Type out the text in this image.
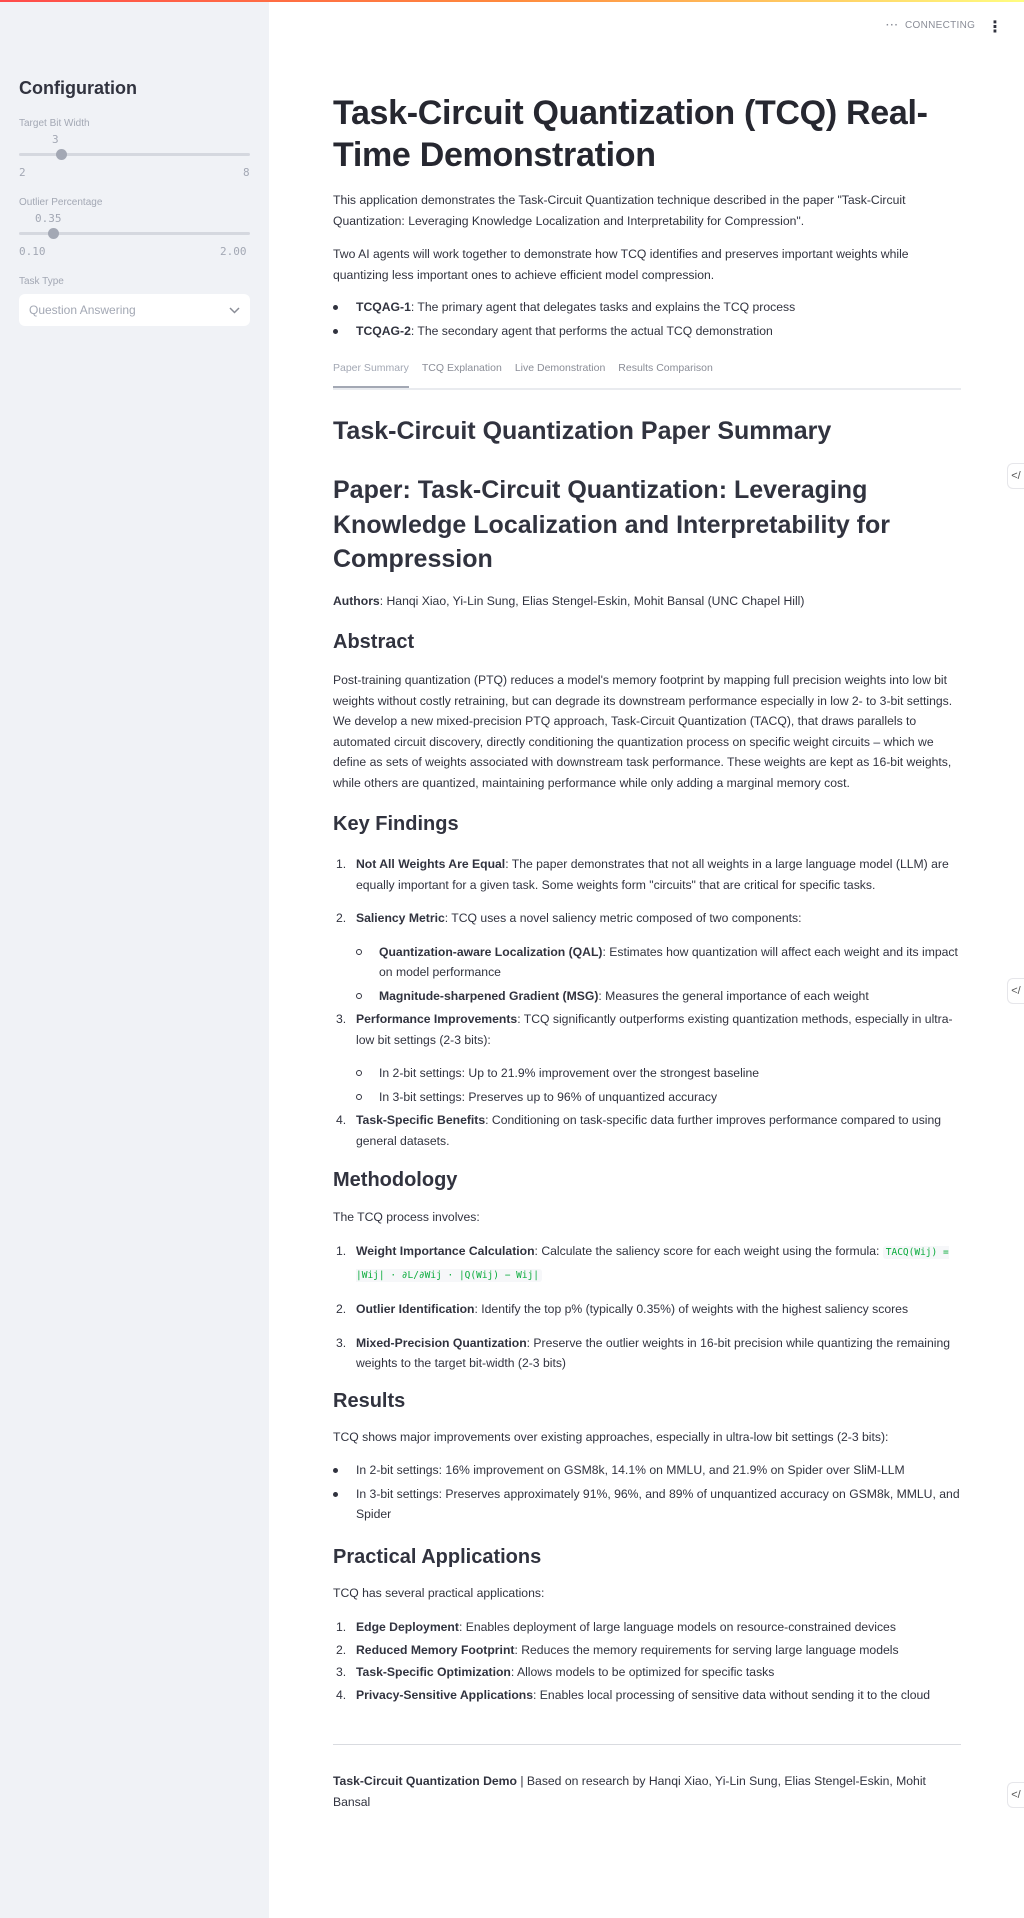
Configuration
Target Bit Width
3
2	8
Outlier Percentage
0.35
0.10	2.00
Task Type
Question Answering
··· CONNECTING ⋮
</
</
</
Task-Circuit Quantization (TCQ) Real-Time Demonstration

This application demonstrates the Task-Circuit Quantization technique described in the paper "Task-Circuit Quantization: Leveraging Knowledge Localization and Interpretability for Compression".

Two AI agents will work together to demonstrate how TCQ identifies and preserves important weights while quantizing less important ones to achieve efficient model compression.

TCQAG-1: The primary agent that delegates tasks and explains the TCQ process
TCQAG-2: The secondary agent that performs the actual TCQ demonstration
Paper Summary TCQ Explanation Live Demonstration Results Comparison
Task-Circuit Quantization Paper Summary
Paper: Task-Circuit Quantization: Leveraging Knowledge Localization and Interpretability for Compression

Authors: Hanqi Xiao, Yi-Lin Sung, Elias Stengel-Eskin, Mohit Bansal (UNC Chapel Hill)

Abstract

Post-training quantization (PTQ) reduces a model's memory footprint by mapping full precision weights into low bit weights without costly retraining, but can degrade its downstream performance especially in low 2- to 3-bit settings. We develop a new mixed-precision PTQ approach, Task-Circuit Quantization (TACQ), that draws parallels to automated circuit discovery, directly conditioning the quantization process on specific weight circuits – which we define as sets of weights associated with downstream task performance. These weights are kept as 16-bit weights, while others are quantized, maintaining performance while only adding a marginal memory cost.

Key Findings
1. Not All Weights Are Equal: The paper demonstrates that not all weights in a large language model (LLM) are equally important for a given task. Some weights form "circuits" that are critical for specific tasks.
2. Saliency Metric: TCQ uses a novel saliency metric composed of two components:
Quantization-aware Localization (QAL): Estimates how quantization will affect each weight and its impact on model performance
Magnitude-sharpened Gradient (MSG): Measures the general importance of each weight
3. Performance Improvements: TCQ significantly outperforms existing quantization methods, especially in ultra-low bit settings (2-3 bits):
In 2-bit settings: Up to 21.9% improvement over the strongest baseline
In 3-bit settings: Preserves up to 96% of unquantized accuracy
4. Task-Specific Benefits: Conditioning on task-specific data further improves performance compared to using general datasets.
Methodology

The TCQ process involves:

1. Weight Importance Calculation: Calculate the saliency score for each weight using the formula: TACQ(Wij) = |Wij| · ∂L/∂Wij · |Q(Wij) − Wij|
2. Outlier Identification: Identify the top p% (typically 0.35%) of weights with the highest saliency scores
3. Mixed-Precision Quantization: Preserve the outlier weights in 16-bit precision while quantizing the remaining weights to the target bit-width (2-3 bits)
Results

TCQ shows major improvements over existing approaches, especially in ultra-low bit settings (2-3 bits):

In 2-bit settings: 16% improvement on GSM8k, 14.1% on MMLU, and 21.9% on Spider over SliM-LLM
In 3-bit settings: Preserves approximately 91%, 96%, and 89% of unquantized accuracy on GSM8k, MMLU, and Spider
Practical Applications

TCQ has several practical applications:

1. Edge Deployment: Enables deployment of large language models on resource-constrained devices
2. Reduced Memory Footprint: Reduces the memory requirements for serving large language models
3. Task-Specific Optimization: Allows models to be optimized for specific tasks
4. Privacy-Sensitive Applications: Enables local processing of sensitive data without sending it to the cloud

Task-Circuit Quantization Demo | Based on research by Hanqi Xiao, Yi-Lin Sung, Elias Stengel-Eskin, Mohit Bansal
